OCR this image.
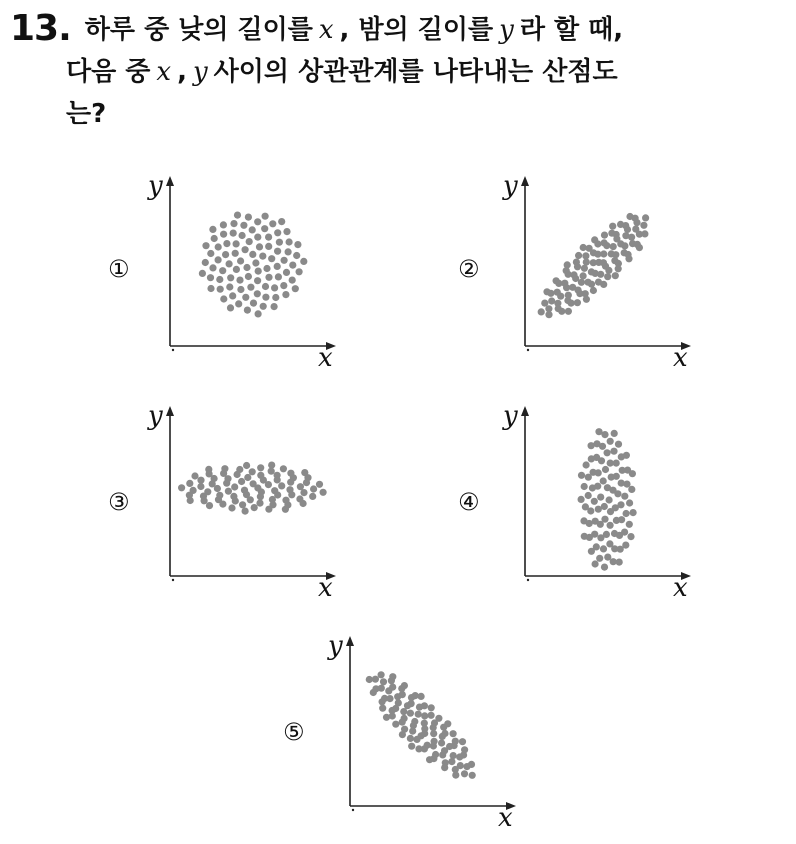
13. 하루 중 낮의 길이를 x , 밤의 길이를 y 라 할 때,
다음 중 x , y 사이의 상관관계를 나타내는 산점도
는?
①
y
x
②
y
x
③
y
x
④
y
x
⑤
y
x
